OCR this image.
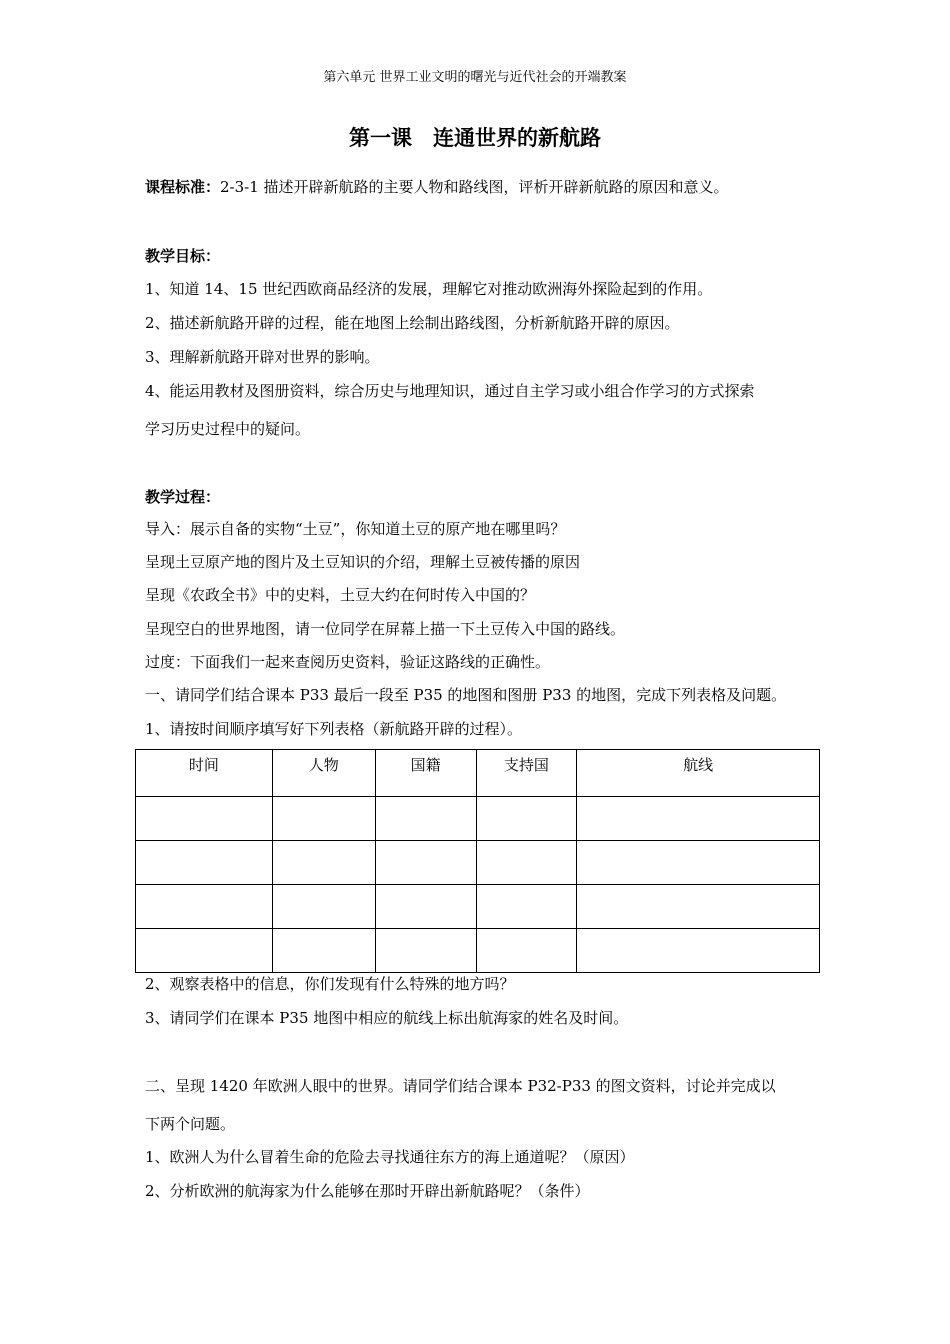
第六单元 世界工业文明的曙光与近代社会的开端教案
第一课　连通世界的新航路
课程标准：2-3-1 描述开辟新航路的主要人物和路线图，评析开辟新航路的原因和意义。
教学目标：
1、知道 14、15 世纪西欧商品经济的发展，理解它对推动欧洲海外探险起到的作用。
2、描述新航路开辟的过程，能在地图上绘制出路线图，分析新航路开辟的原因。
3、理解新航路开辟对世界的影响。
4、能运用教材及图册资料，综合历史与地理知识，通过自主学习或小组合作学习的方式探索
学习历史过程中的疑问。
教学过程：
导入：展示自备的实物“土豆”，你知道土豆的原产地在哪里吗？
呈现土豆原产地的图片及土豆知识的介绍，理解土豆被传播的原因
呈现《农政全书》中的史料，土豆大约在何时传入中国的？
呈现空白的世界地图，请一位同学在屏幕上描一下土豆传入中国的路线。
过度：下面我们一起来查阅历史资料，验证这路线的正确性。
一、请同学们结合课本 P33 最后一段至 P35 的地图和图册 P33 的地图，完成下列表格及问题。
1、请按时间顺序填写好下列表格（新航路开辟的过程）。
时间	人物	国籍	支持国	航线

2、观察表格中的信息，你们发现有什么特殊的地方吗？
3、请同学们在课本 P35 地图中相应的航线上标出航海家的姓名及时间。
二、呈现 1420 年欧洲人眼中的世界。请同学们结合课本 P32-P33 的图文资料，讨论并完成以
下两个问题。
1、欧洲人为什么冒着生命的危险去寻找通往东方的海上通道呢？（原因）
2、分析欧洲的航海家为什么能够在那时开辟出新航路呢？（条件）
